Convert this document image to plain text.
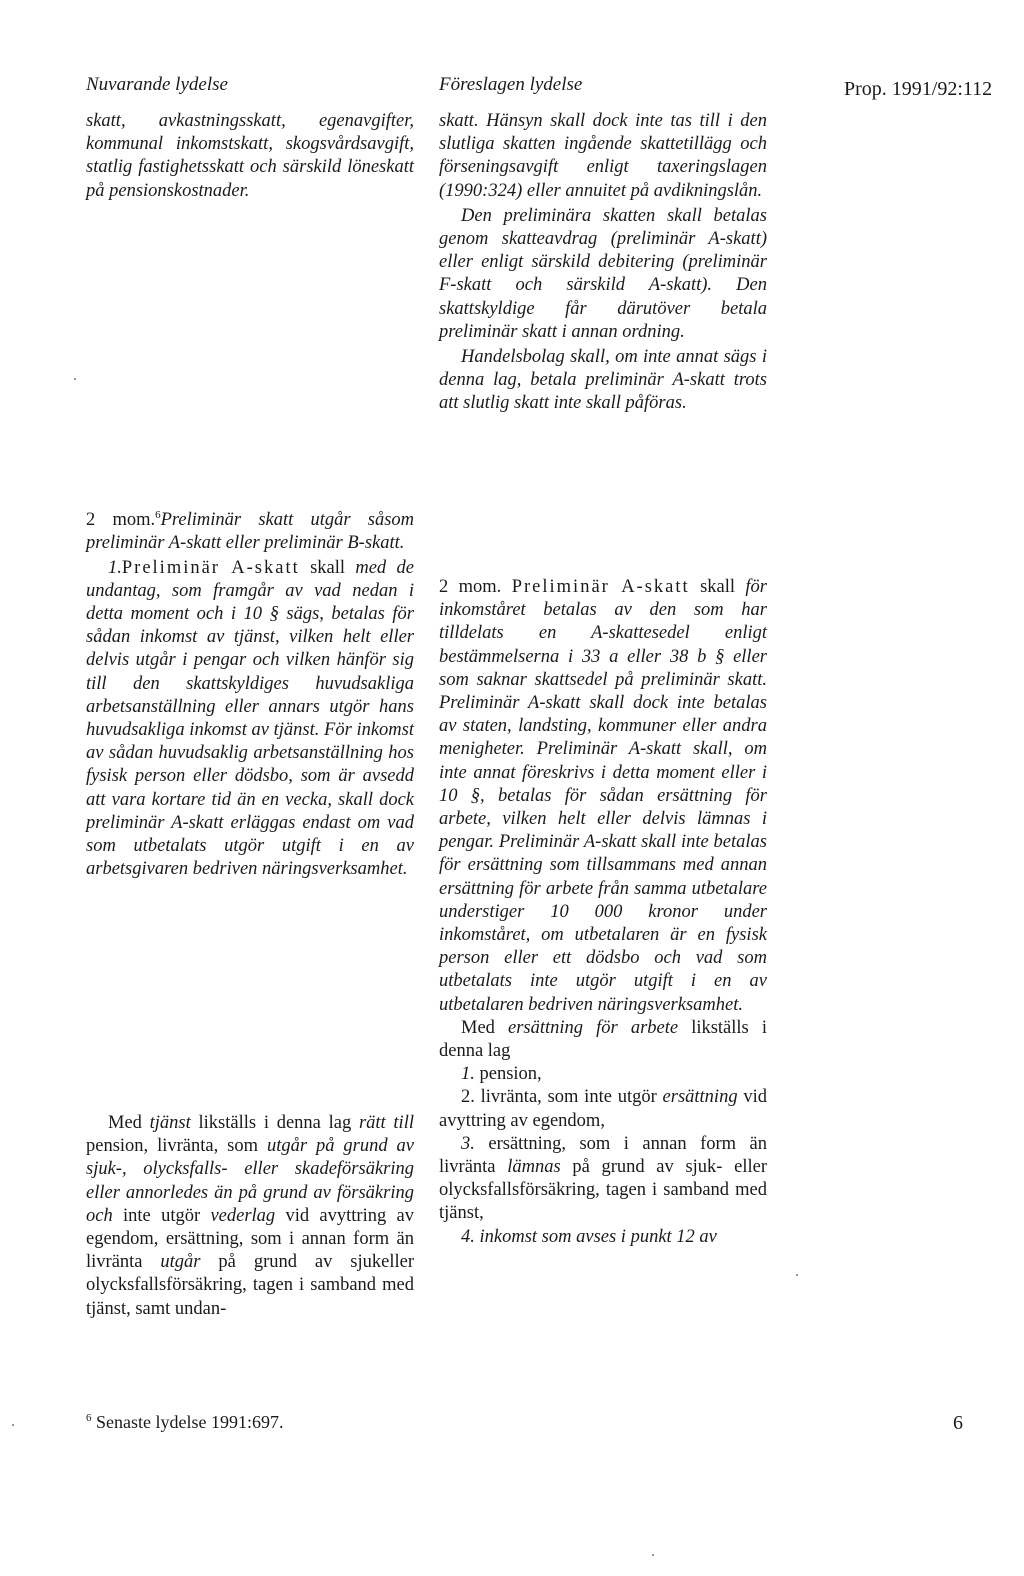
Nuvarande lydelse	Föreslagen lydelse	Prop. 1991/92:112

skatt, avkastningsskatt, egenavgifter, kommunal inkomstskatt, skogsvårdsavgift, statlig fastighetsskatt och särskild löneskatt på pensionskostnader.

2 mom.$^6$Preliminär skatt utgår såsom preliminär A-skatt eller preliminär B-skatt.

1.Preliminär A-skatt skall med de undantag, som framgår av vad nedan i detta moment och i 10 § sägs, betalas för sådan inkomst av tjänst, vilken helt eller delvis utgår i pengar och vilken hänför sig till den skattskyldiges huvudsakliga arbetsanställning eller annars utgör hans huvudsakliga inkomst av tjänst. För inkomst av sådan huvudsaklig arbetsanställning hos fysisk person eller dödsbo, som är avsedd att vara kortare tid än en vecka, skall dock preliminär A-skatt erläggas endast om vad som utbetalats utgör utgift i en av arbetsgivaren bedriven näringsverksamhet.

Med tjänst likställs i denna lag rätt till pension, livränta, som utgår på grund av sjuk-, olycksfalls- eller skadeförsäkring eller annorledes än på grund av försäkring och inte utgör vederlag vid avyttring av egendom, ersättning, som i annan form än livränta utgår på grund av sjukeller olycksfallsförsäkring, tagen i samband med tjänst, samt undan-

skatt. Hänsyn skall dock inte tas till i den slutliga skatten ingående skattetillägg och förseningsavgift enligt taxeringslagen (1990:324) eller annuitet på avdikningslån.

Den preliminära skatten skall betalas genom skatteavdrag (preliminär A-skatt) eller enligt särskild debitering (preliminär F-skatt och särskild A-skatt). Den skattskyldige får därutöver betala preliminär skatt i annan ordning.

Handelsbolag skall, om inte annat sägs i denna lag, betala preliminär A-skatt trots att slutlig skatt inte skall påföras.

2 mom. Preliminär A-skatt skall för inkomståret betalas av den som har tilldelats en A-skattesedel enligt bestämmelserna i 33 a eller 38 b § eller som saknar skattsedel på preliminär skatt. Preliminär A-skatt skall dock inte betalas av staten, landsting, kommuner eller andra menigheter. Preliminär A-skatt skall, om inte annat föreskrivs i detta moment eller i 10 §, betalas för sådan ersättning för arbete, vilken helt eller delvis lämnas i pengar. Preliminär A-skatt skall inte betalas för ersättning som tillsammans med annan ersättning för arbete från samma utbetalare understiger 10 000 kronor under inkomståret, om utbetalaren är en fysisk person eller ett dödsbo och vad som utbetalats inte utgör utgift i en av utbetalaren bedriven näringsverksamhet.

Med ersättning för arbete likställs i denna lag

1. pension,

2. livränta, som inte utgör ersättning vid avyttring av egendom,

3. ersättning, som i annan form än livränta lämnas på grund av sjuk- eller olycksfallsförsäkring, tagen i samband med tjänst,

4. inkomst som avses i punkt 12 av

$^6$ Senaste lydelse 1991:697.	6
